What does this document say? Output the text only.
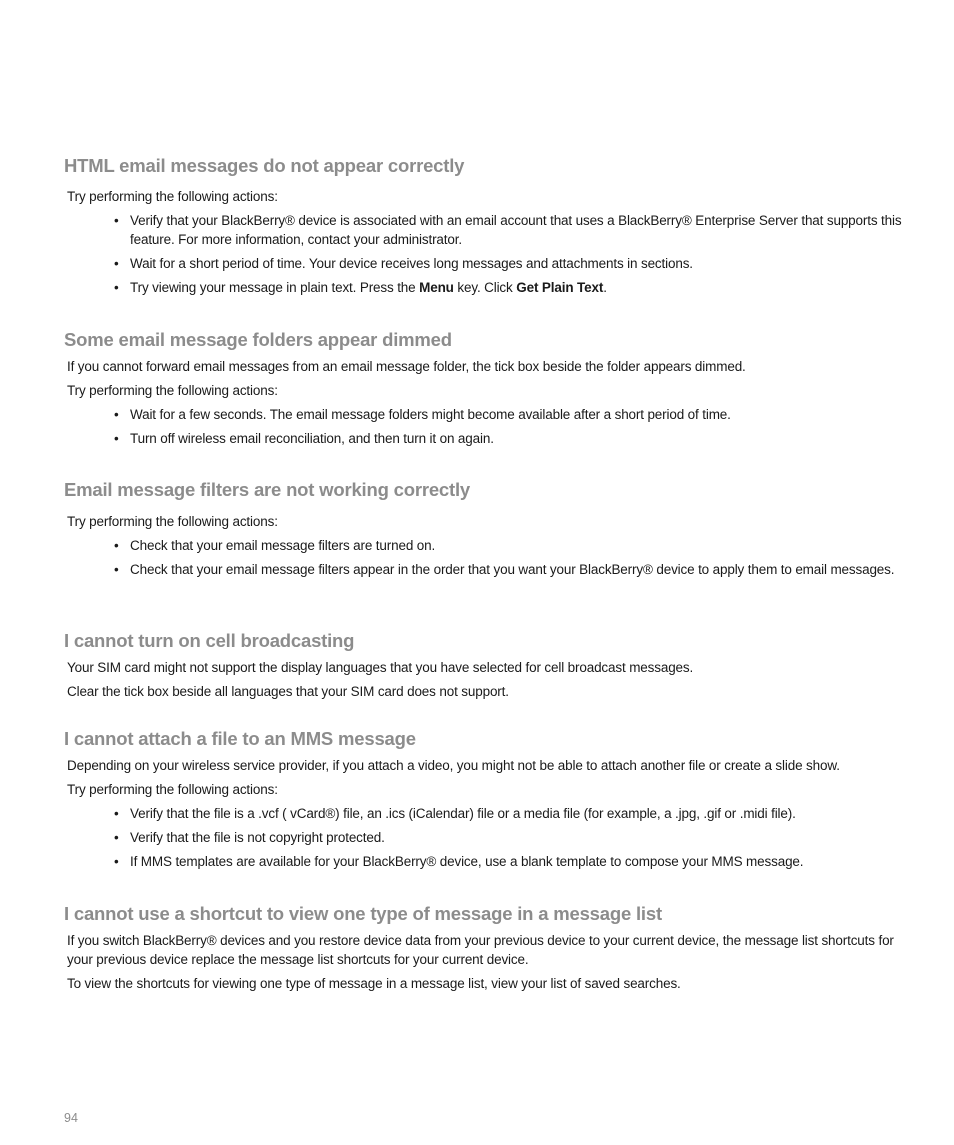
HTML email messages do not appear correctly

Try performing the following actions:

• Verify that your BlackBerry® device is associated with an email account that uses a BlackBerry® Enterprise Server that supports this feature. For more information, contact your administrator.
• Wait for a short period of time. Your device receives long messages and attachments in sections.
• Try viewing your message in plain text. Press the Menu key. Click Get Plain Text.
Some email message folders appear dimmed

If you cannot forward email messages from an email message folder, the tick box beside the folder appears dimmed.

Try performing the following actions:

• Wait for a few seconds. The email message folders might become available after a short period of time.
• Turn off wireless email reconciliation, and then turn it on again.
Email message filters are not working correctly

Try performing the following actions:

• Check that your email message filters are turned on.
• Check that your email message filters appear in the order that you want your BlackBerry® device to apply them to email messages.
I cannot turn on cell broadcasting

Your SIM card might not support the display languages that you have selected for cell broadcast messages.

Clear the tick box beside all languages that your SIM card does not support.

I cannot attach a file to an MMS message

Depending on your wireless service provider, if you attach a video, you might not be able to attach another file or create a slide show.

Try performing the following actions:

• Verify that the file is a .vcf ( vCard®) file, an .ics (iCalendar) file or a media file (for example, a .jpg, .gif or .midi file).
• Verify that the file is not copyright protected.
• If MMS templates are available for your BlackBerry® device, use a blank template to compose your MMS message.
I cannot use a shortcut to view one type of message in a message list

If you switch BlackBerry® devices and you restore device data from your previous device to your current device, the message list shortcuts for your previous device replace the message list shortcuts for your current device.

To view the shortcuts for viewing one type of message in a message list, view your list of saved searches.

94
